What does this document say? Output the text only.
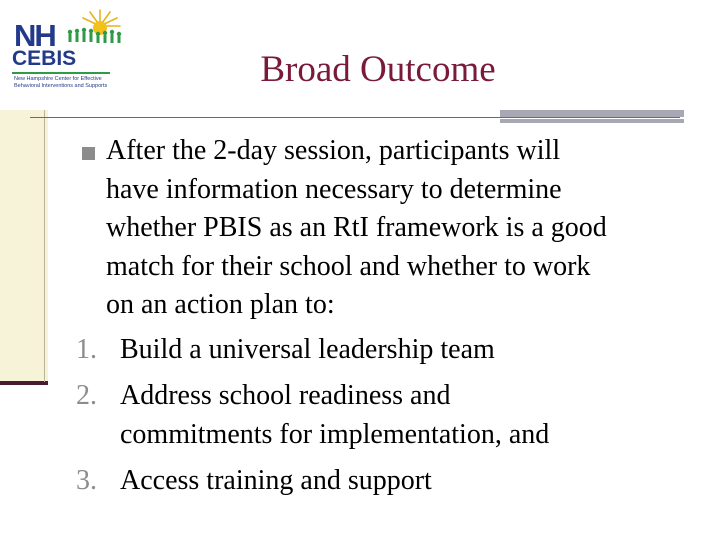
NH
CEBIS
New Hampshire Center for Effective Behavioral Interventions and Supports	Broad Outcome
After the 2-day session, participants will
have information necessary to determine
whether PBIS as an RtI framework is a good
match for their school and whether to work
on an action plan to:
1. Build a universal leadership team
2. Address school readiness and
commitments for implementation, and
3. Access training and support
